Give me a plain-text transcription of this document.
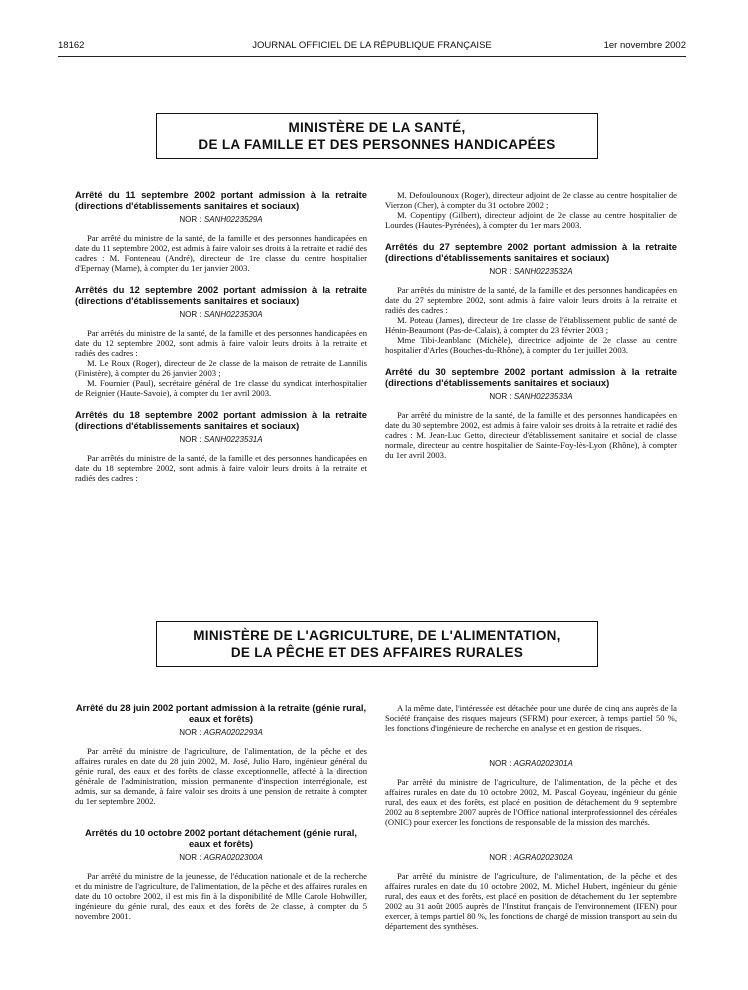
18162	JOURNAL OFFICIEL DE LA RÉPUBLIQUE FRANÇAISE	1er novembre 2002
MINISTÈRE DE LA SANTÉ,
DE LA FAMILLE ET DES PERSONNES HANDICAPÉES
Arrêté du 11 septembre 2002 portant admission à la retraite (directions d'établissements sanitaires et sociaux)
NOR : SANH0223529A

Par arrêté du ministre de la santé, de la famille et des personnes handicapées en date du 11 septembre 2002, est admis à faire valoir ses droits à la retraite et radié des cadres : M. Fonteneau (André), directeur de 1re classe du centre hospitalier d'Epernay (Marne), à compter du 1er janvier 2003.

Arrêtés du 12 septembre 2002 portant admission à la retraite (directions d'établissements sanitaires et sociaux)
NOR : SANH0223530A

Par arrêtés du ministre de la santé, de la famille et des personnes handicapées en date du 12 septembre 2002, sont admis à faire valoir leurs droits à la retraite et radiés des cadres :

M. Le Roux (Roger), directeur de 2e classe de la maison de retraite de Lannilis (Finistère), à compter du 26 janvier 2003 ;

M. Fournier (Paul), secrétaire général de 1re classe du syndicat interhospitalier de Reignier (Haute-Savoie), à compter du 1er avril 2003.

Arrêtés du 18 septembre 2002 portant admission à la retraite (directions d'établissements sanitaires et sociaux)
NOR : SANH0223531A

Par arrêtés du ministre de la santé, de la famille et des personnes handicapées en date du 18 septembre 2002, sont admis à faire valoir leurs droits à la retraite et radiés des cadres :

M. Defoulounoux (Roger), directeur adjoint de 2e classe au centre hospitalier de Vierzon (Cher), à compter du 31 octobre 2002 ;

M. Copentipy (Gilbert), directeur adjoint de 2e classe au centre hospitalier de Lourdes (Hautes-Pyrénées), à compter du 1er mars 2003.

Arrêtés du 27 septembre 2002 portant admission à la retraite (directions d'établissements sanitaires et sociaux)
NOR : SANH0223532A

Par arrêtés du ministre de la santé, de la famille et des personnes handicapées en date du 27 septembre 2002, sont admis à faire valoir leurs droits à la retraite et radiés des cadres :

M. Poteau (James), directeur de 1re classe de l'établissement public de santé de Hénin-Beaumont (Pas-de-Calais), à compter du 23 février 2003 ;

Mme Tibi-Jeanblanc (Michèle), directrice adjointe de 2e classe au centre hospitalier d'Arles (Bouches-du-Rhône), à compter du 1er juillet 2003.

Arrêté du 30 septembre 2002 portant admission à la retraite (directions d'établissements sanitaires et sociaux)
NOR : SANH0223533A

Par arrêté du ministre de la santé, de la famille et des personnes handicapées en date du 30 septembre 2002, est admis à faire valoir ses droits à la retraite et radié des cadres : M. Jean-Luc Getto, directeur d'établissement sanitaire et social de classe normale, directeur au centre hospitalier de Sainte-Foy-lès-Lyon (Rhône), à compter du 1er avril 2003.

MINISTÈRE DE L'AGRICULTURE, DE L'ALIMENTATION,
DE LA PÊCHE ET DES AFFAIRES RURALES
Arrêté du 28 juin 2002 portant admission à la retraite (génie rural, eaux et forêts)
NOR : AGRA0202293A

Par arrêté du ministre de l'agriculture, de l'alimentation, de la pêche et des affaires rurales en date du 28 juin 2002, M. José, Julio Haro, ingénieur général du génie rural, des eaux et des forêts de classe exceptionnelle, affecté à la direction générale de l'administration, mission permanente d'inspection interrégionale, est admis, sur sa demande, à faire valoir ses droits à une pension de retraite à compter du 1er septembre 2002.

Arrêtés du 10 octobre 2002 portant détachement (génie rural, eaux et forêts)
NOR : AGRA0202300A

Par arrêté du ministre de la jeunesse, de l'éducation nationale et de la recherche et du ministre de l'agriculture, de l'alimentation, de la pêche et des affaires rurales en date du 10 octobre 2002, il est mis fin à la disponibilité de Mlle Carole Hohwiller, ingénieure du génie rural, des eaux et des forêts de 2e classe, à compter du 5 novembre 2001.

A la même date, l'intéressée est détachée pour une durée de cinq ans auprès de la Société française des risques majeurs (SFRM) pour exercer, à temps partiel 50 %, les fonctions d'ingénieure de recherche en analyse et en gestion de risques.

NOR : AGRA0202301A

Par arrêté du ministre de l'agriculture, de l'alimentation, de la pêche et des affaires rurales en date du 10 octobre 2002, M. Pascal Goyeau, ingénieur du génie rural, des eaux et des forêts, est placé en position de détachement du 9 septembre 2002 au 8 septembre 2007 auprès de l'Office national interprofessionnel des céréales (ONIC) pour exercer les fonctions de responsable de la mission des marchés.

NOR : AGRA0202302A

Par arrêté du ministre de l'agriculture, de l'alimentation, de la pêche et des affaires rurales en date du 10 octobre 2002, M. Michel Hubert, ingénieur du génie rural, des eaux et des forêts, est placé en position de détachement du 1er septembre 2002 au 31 août 2005 auprès de l'Institut français de l'environnement (IFEN) pour exercer, à temps partiel 80 %, les fonctions de chargé de mission transport au sein du département des synthèses.
